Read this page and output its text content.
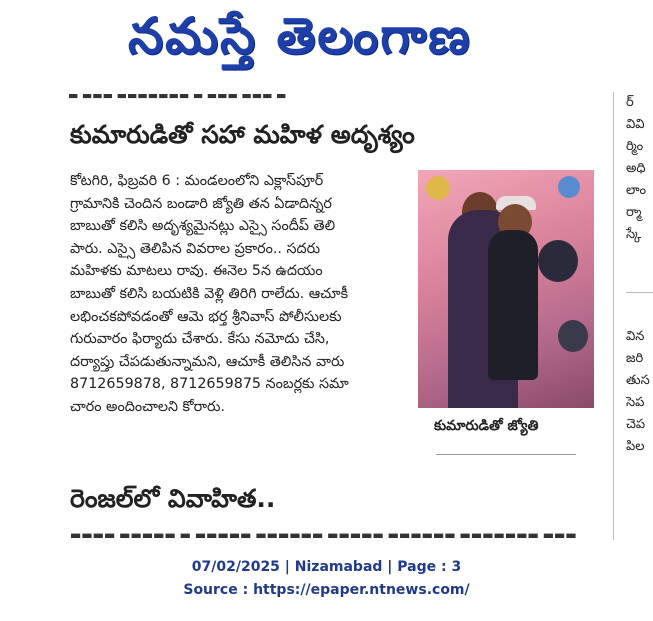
నమస్తే తెలంగాణ
▬ ▬▬▬ ▬▬▬▬▬▬▬ ▬ ▬▬▬ ▬▬▬ ▬
కుమారుడితో సహా మహిళ అదృశ్యం

కోటగిరి, ఫిబ్రవరి 6 : మండలంలోని ఎక్లాస్‌పూర్

గ్రామానికి చెందిన బండారి జ్యోతి తన ఏడాదిన్నర

బాబుతో కలిసి అదృశ్యమైనట్లు ఎస్సై సందీప్ తెలి

పారు. ఎస్సై తెలిపిన వివరాల ప్రకారం.. సదరు

మహిళకు మాటలు రావు. ఈనెల 5న ఉదయం

బాబుతో కలిసి బయటికి వెళ్లి తిరిగి రాలేదు. ఆచూకీ

లభించకపోవడంతో ఆమె భర్త శ్రీనివాస్ పోలీసులకు

గురువారం ఫిర్యాదు చేశారు. కేసు నమోదు చేసి,

దర్యాప్తు చేపడుతున్నామని, ఆచూకీ తెలిసిన వారు

8712659878, 8712659875 నంబర్లకు సమా

చారం అందించాలని కోరారు.

కుమారుడితో జ్యోతి
రెంజల్‌లో వివాహిత..
▬▬▬▬ ▬▬▬▬▬ ▬ ▬▬▬▬▬ ▬▬▬▬▬▬ ▬▬▬▬▬ ▬▬▬▬▬▬ ▬▬▬▬▬▬▬ ▬▬▬

ర్

వివి

ర్మిం

అధి

లాం

ర్మా

స్కే

విన

జరి

తుస

సెప

చెప

పిల

07/02/2025 | Nizamabad | Page : 3
Source : https://epaper.ntnews.com/
